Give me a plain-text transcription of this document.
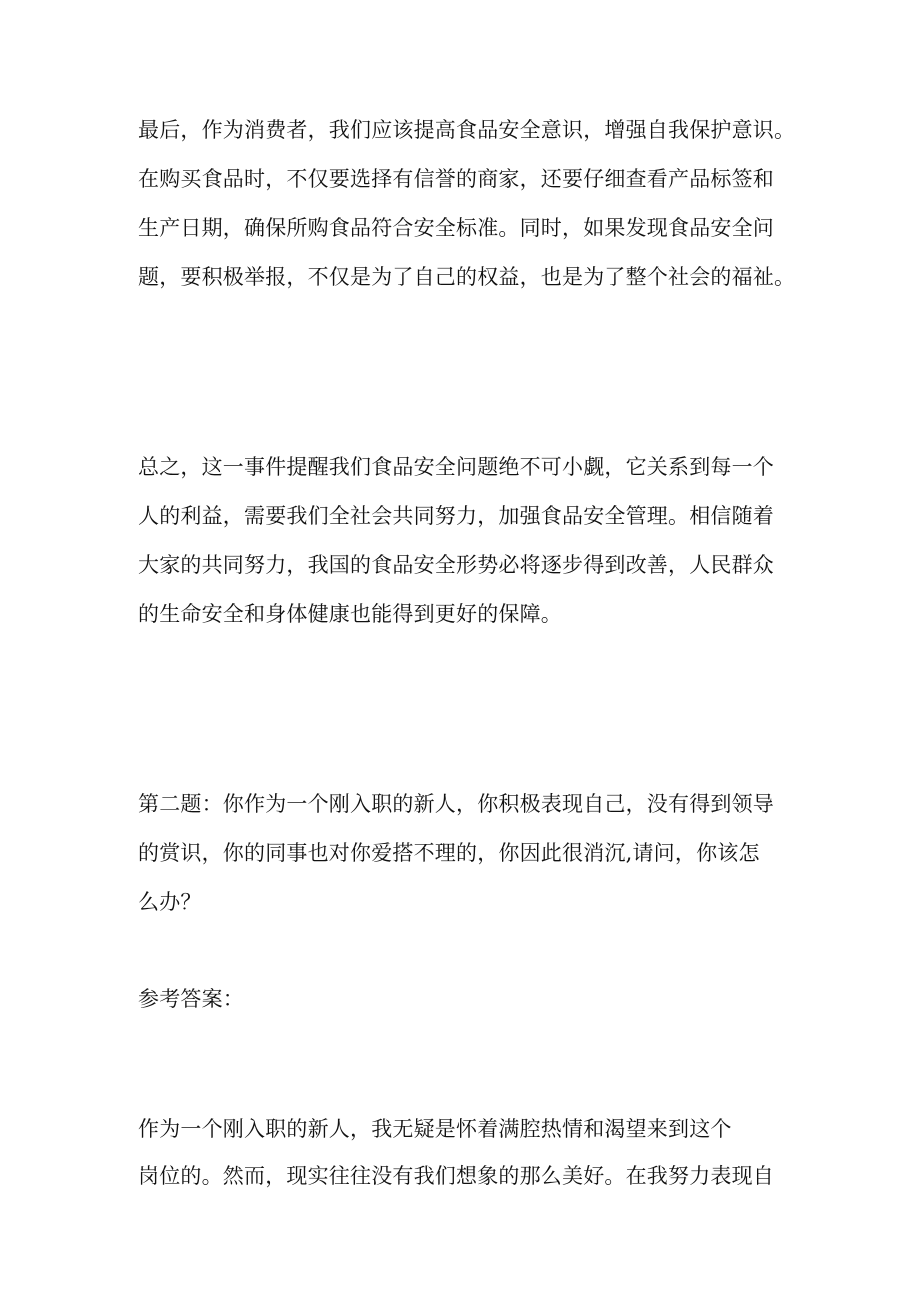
最后，作为消费者，我们应该提高食品安全意识，增强自我保护意识。
在购买食品时，不仅要选择有信誉的商家，还要仔细查看产品标签和
生产日期，确保所购食品符合安全标准。同时，如果发现食品安全问
题，要积极举报，不仅是为了自己的权益，也是为了整个社会的福祉。
总之，这一事件提醒我们食品安全问题绝不可小觑，它关系到每一个
人的利益，需要我们全社会共同努力，加强食品安全管理。相信随着
大家的共同努力，我国的食品安全形势必将逐步得到改善，人民群众
的生命安全和身体健康也能得到更好的保障。
第二题：你作为一个刚入职的新人，你积极表现自己，没有得到领导
的赏识，你的同事也对你爱搭不理的，你因此很消沉,请问，你该怎
么办？
参考答案：
作为一个刚入职的新人，我无疑是怀着满腔热情和渴望来到这个
岗位的。然而，现实往往没有我们想象的那么美好。在我努力表现自
